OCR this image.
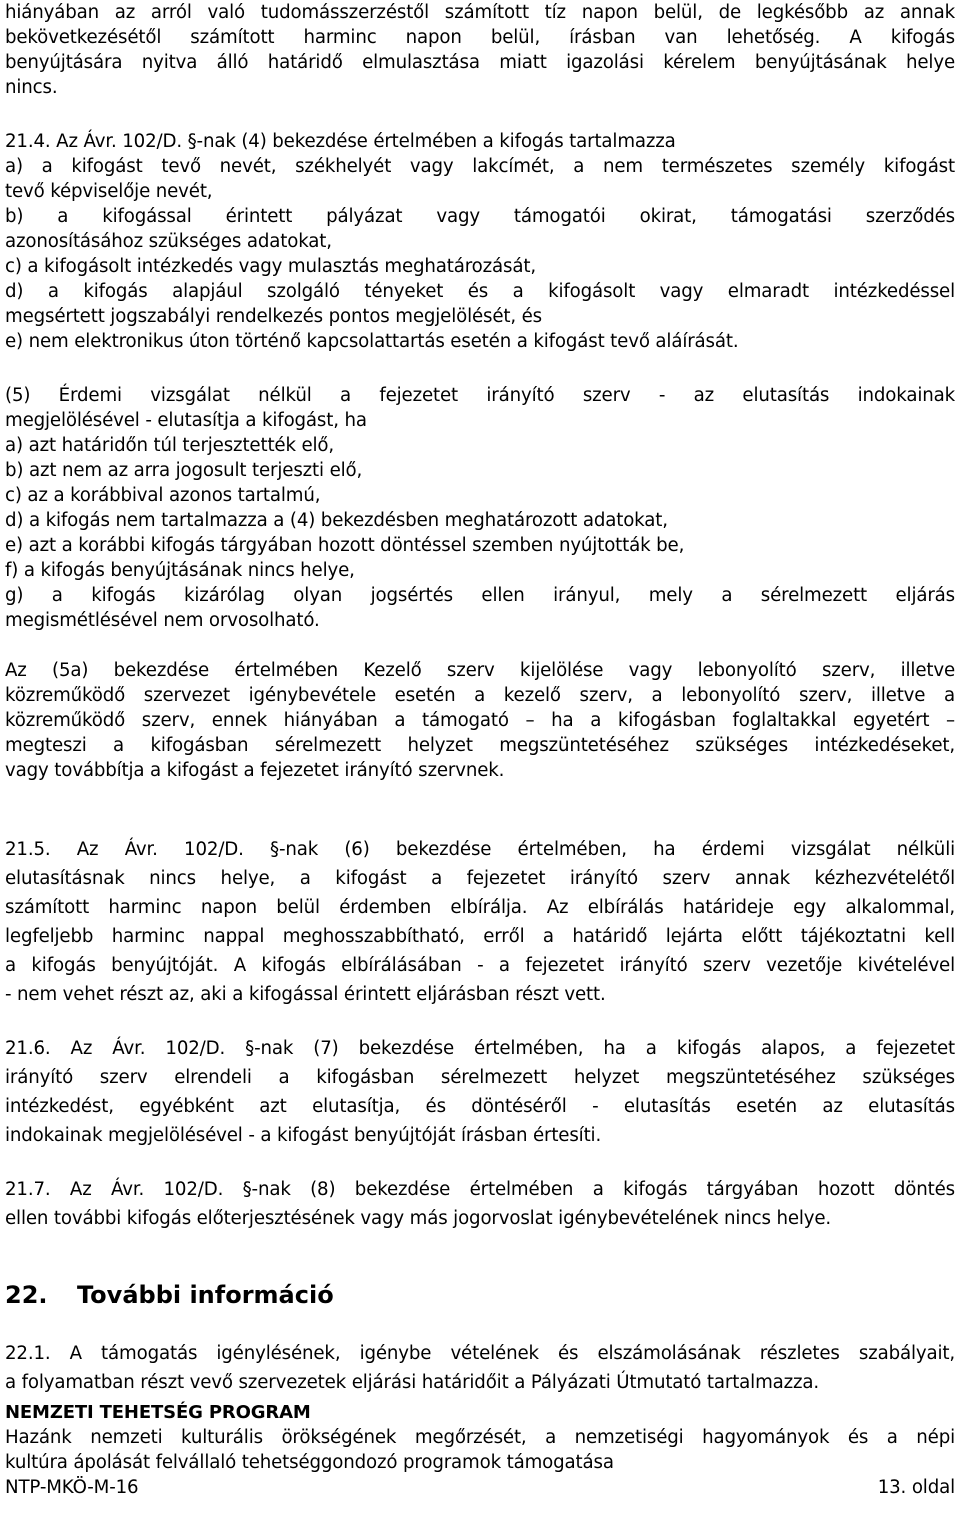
hiányában az arról való tudomásszerzéstől számított tíz napon belül, de legkésőbb az annak
bekövetkezésétől számított harminc napon belül, írásban van lehetőség. A kifogás
benyújtására nyitva álló határidő elmulasztása miatt igazolási kérelem benyújtásának helye
nincs.
21.4. Az Ávr. 102/D. §-nak (4) bekezdése értelmében a kifogás tartalmazza
a) a kifogást tevő nevét, székhelyét vagy lakcímét, a nem természetes személy kifogást
tevő képviselője nevét,
b) a kifogással érintett pályázat vagy támogatói okirat, támogatási szerződés
azonosításához szükséges adatokat,
c) a kifogásolt intézkedés vagy mulasztás meghatározását,
d) a kifogás alapjául szolgáló tényeket és a kifogásolt vagy elmaradt intézkedéssel
megsértett jogszabályi rendelkezés pontos megjelölését, és
e) nem elektronikus úton történő kapcsolattartás esetén a kifogást tevő aláírását.
(5) Érdemi vizsgálat nélkül a fejezetet irányító szerv - az elutasítás indokainak
megjelölésével - elutasítja a kifogást, ha
a) azt határidőn túl terjesztették elő,
b) azt nem az arra jogosult terjeszti elő,
c) az a korábbival azonos tartalmú,
d) a kifogás nem tartalmazza a (4) bekezdésben meghatározott adatokat,
e) azt a korábbi kifogás tárgyában hozott döntéssel szemben nyújtották be,
f) a kifogás benyújtásának nincs helye,
g) a kifogás kizárólag olyan jogsértés ellen irányul, mely a sérelmezett eljárás
megismétlésével nem orvosolható.
Az (5a) bekezdése értelmében Kezelő szerv kijelölése vagy lebonyolító szerv, illetve
közreműködő szervezet igénybevétele esetén a kezelő szerv, a lebonyolító szerv, illetve a
közreműködő szerv, ennek hiányában a támogató – ha a kifogásban foglaltakkal egyetért –
megteszi a kifogásban sérelmezett helyzet megszüntetéséhez szükséges intézkedéseket,
vagy továbbítja a kifogást a fejezetet irányító szervnek.
21.5. Az Ávr. 102/D. §-nak (6) bekezdése értelmében, ha érdemi vizsgálat nélküli
elutasításnak nincs helye, a kifogást a fejezetet irányító szerv annak kézhezvételétől
számított harminc napon belül érdemben elbírálja. Az elbírálás határideje egy alkalommal,
legfeljebb harminc nappal meghosszabbítható, erről a határidő lejárta előtt tájékoztatni kell
a kifogás benyújtóját. A kifogás elbírálásában - a fejezetet irányító szerv vezetője kivételével
- nem vehet részt az, aki a kifogással érintett eljárásban részt vett.
21.6. Az Ávr. 102/D. §-nak (7) bekezdése értelmében, ha a kifogás alapos, a fejezetet
irányító szerv elrendeli a kifogásban sérelmezett helyzet megszüntetéséhez szükséges
intézkedést, egyébként azt elutasítja, és döntéséről - elutasítás esetén az elutasítás
indokainak megjelölésével - a kifogást benyújtóját írásban értesíti.
21.7. Az Ávr. 102/D. §-nak (8) bekezdése értelmében a kifogás tárgyában hozott döntés
ellen további kifogás előterjesztésének vagy más jogorvoslat igénybevételének nincs helye.
22.	További információ
22.1. A támogatás igénylésének, igénybe vételének és elszámolásának részletes szabályait,
a folyamatban részt vevő szervezetek eljárási határidőit a Pályázati Útmutató tartalmazza.
NEMZETI TEHETSÉG PROGRAM
Hazánk nemzeti kulturális örökségének megőrzését, a nemzetiségi hagyományok és a népi
kultúra ápolását felvállaló tehetséggondozó programok támogatása
NTP-MKÖ-M-16	13. oldal
